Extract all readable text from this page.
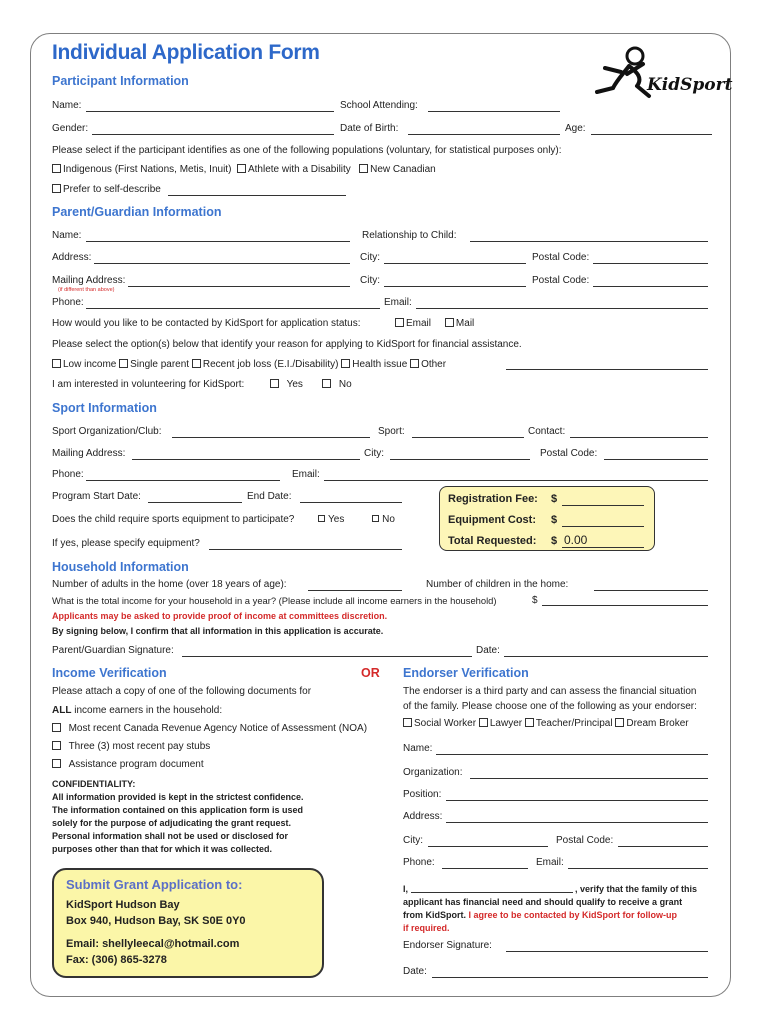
Individual Application Form
KidSport
Participant Information
Name:	School Attending:
Gender:	Date of Birth:	Age:
Please select if the participant identifies as one of the following populations (voluntary, for statistical purposes only):
Indigenous (First Nations, Metis, Inuit) Athlete with a Disability New Canadian
Prefer to self-describe
Parent/Guardian Information
Name:	Relationship to Child:
Address:	City:	Postal Code:
Mailing Address:
(if different than above)
City:	Postal Code:
Phone:	Email:
How would you like to be contacted by KidSport for application status:	Email Mail
Please select the option(s) below that identify your reason for applying to KidSport for financial assistance.
Low income Single parent Recent job loss (E.I./Disability) Health issue Other
I am interested in volunteering for KidSport:	Yes	No
Sport Information
Sport Organization/Club:	Sport:	Contact:
Mailing Address:	City:	Postal Code:
Phone:	Email:
Program Start Date:	End Date:
Does the child require sports equipment to participate?	Yes	No
If yes, please specify equipment?
Registration Fee: $
Equipment Cost: $
Total Requested: $ 0.00
Household Information
Number of adults in the home (over 18 years of age):	Number of children in the home:
What is the total income for your household in a year? (Please include all income earners in the household)	$
Applicants may be asked to provide proof of income at committees discretion.
By signing below, I confirm that all information in this application is accurate.
Parent/Guardian Signature:	Date:
Income Verification	OR
Please attach a copy of one of the following documents for
ALL income earners in the household:
Most recent Canada Revenue Agency Notice of Assessment (NOA)
Three (3) most recent pay stubs
Assistance program document
CONFIDENTIALITY:
All information provided is kept in the strictest confidence.
The information contained on this application form is used
solely for the purpose of adjudicating the grant request.
Personal information shall not be used or disclosed for
purposes other than that for which it was collected.
Endorser Verification
The endorser is a third party and can assess the financial situation
of the family. Please choose one of the following as your endorser:
Social Worker Lawyer Teacher/Principal Dream Broker
Name:
Organization:
Position:
Address:
City:	Postal Code:
Phone:	Email:
I,	, verify that the family of this
applicant has financial need and should qualify to receive a grant
from KidSport. I agree to be contacted by KidSport for follow-up
if required.
Endorser Signature:
Date:
Submit Grant Application to:
KidSport Hudson Bay
Box 940, Hudson Bay, SK S0E 0Y0
Email: shellyleecal@hotmail.com
Fax: (306) 865-3278
